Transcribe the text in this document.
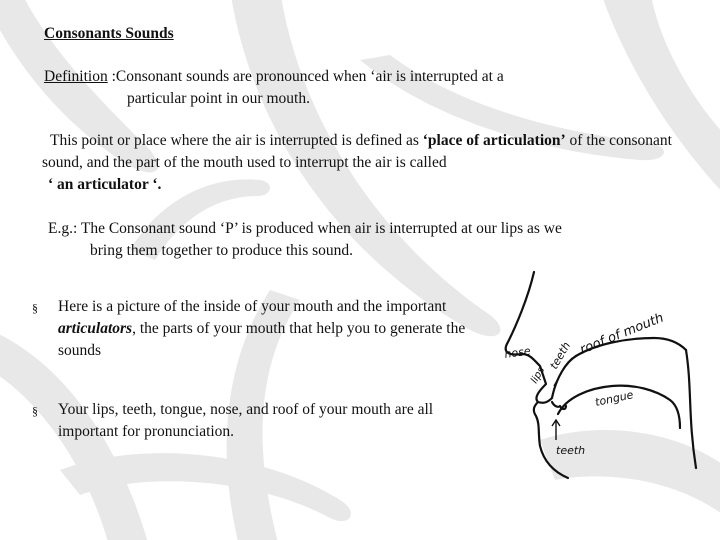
Consonants Sounds
Definition :Consonant sounds are pronounced when ‘air is interrupted at a
particular point in our mouth.
This point or place where the air is interrupted is defined as ‘place of articulation’ of the consonant sound, and the part of the mouth used to interrupt the air is called
‘ an articulator ‘.
E.g.: The Consonant sound ‘P’ is produced when air is interrupted at our lips as we
bring them together to produce this sound.
§ Here is a picture of the inside of your mouth and the important articulators, the parts of your mouth that help you to generate the sounds
§ Your lips, teeth, tongue, nose, and roof of your mouth are all important for pronunciation.
nose teeth roof of mouth
lips
tongue
teeth
